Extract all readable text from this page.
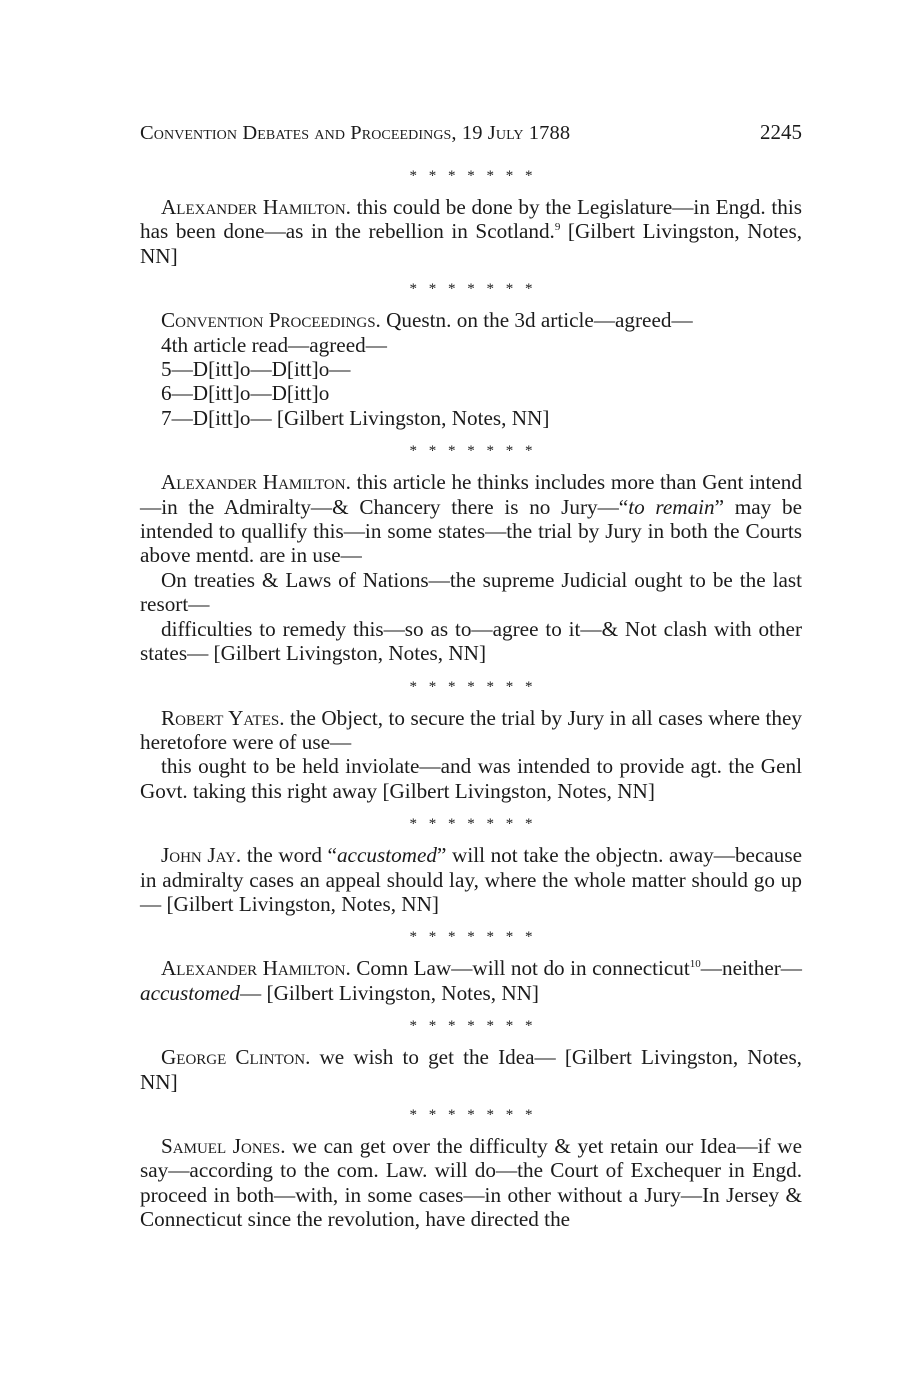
Convention Debates and Proceedings, 19 July 1788	2245
* * * * * * *

Alexander Hamilton. this could be done by the Legislature—in Engd. this has been done—as in the rebellion in Scotland.$^9$ [Gilbert Livingston, Notes, NN]

* * * * * * *

Convention Proceedings. Questn. on the 3d article—agreed—

4th article read—agreed—
5—D[itt]o—D[itt]o—
6—D[itt]o—D[itt]o
7—D[itt]o— [Gilbert Livingston, Notes, NN]
* * * * * * *

Alexander Hamilton. this article he thinks includes more than Gent intend—in the Admiralty—& Chancery there is no Jury—“to remain” may be intended to quallify this—in some states—the trial by Jury in both the Courts above mentd. are in use—

On treaties & Laws of Nations—the supreme Judicial ought to be the last resort—

difficulties to remedy this—so as to—agree to it—& Not clash with other states— [Gilbert Livingston, Notes, NN]

* * * * * * *

Robert Yates. the Object, to secure the trial by Jury in all cases where they heretofore were of use—

this ought to be held inviolate—and was intended to provide agt. the Genl Govt. taking this right away [Gilbert Livingston, Notes, NN]

* * * * * * *

John Jay. the word “accustomed” will not take the objectn. away—because in admiralty cases an appeal should lay, where the whole matter should go up— [Gilbert Livingston, Notes, NN]

* * * * * * *

Alexander Hamilton. Comn Law—will not do in connecticut$^{10}$—neither—accustomed— [Gilbert Livingston, Notes, NN]

* * * * * * *

George Clinton. we wish to get the Idea— [Gilbert Livingston, Notes, NN]

* * * * * * *

Samuel Jones. we can get over the difficulty & yet retain our Idea—if we say—according to the com. Law. will do—the Court of Exchequer in Engd. proceed in both—with, in some cases—in other without a Jury—In Jersey & Connecticut since the revolution, have directed the
